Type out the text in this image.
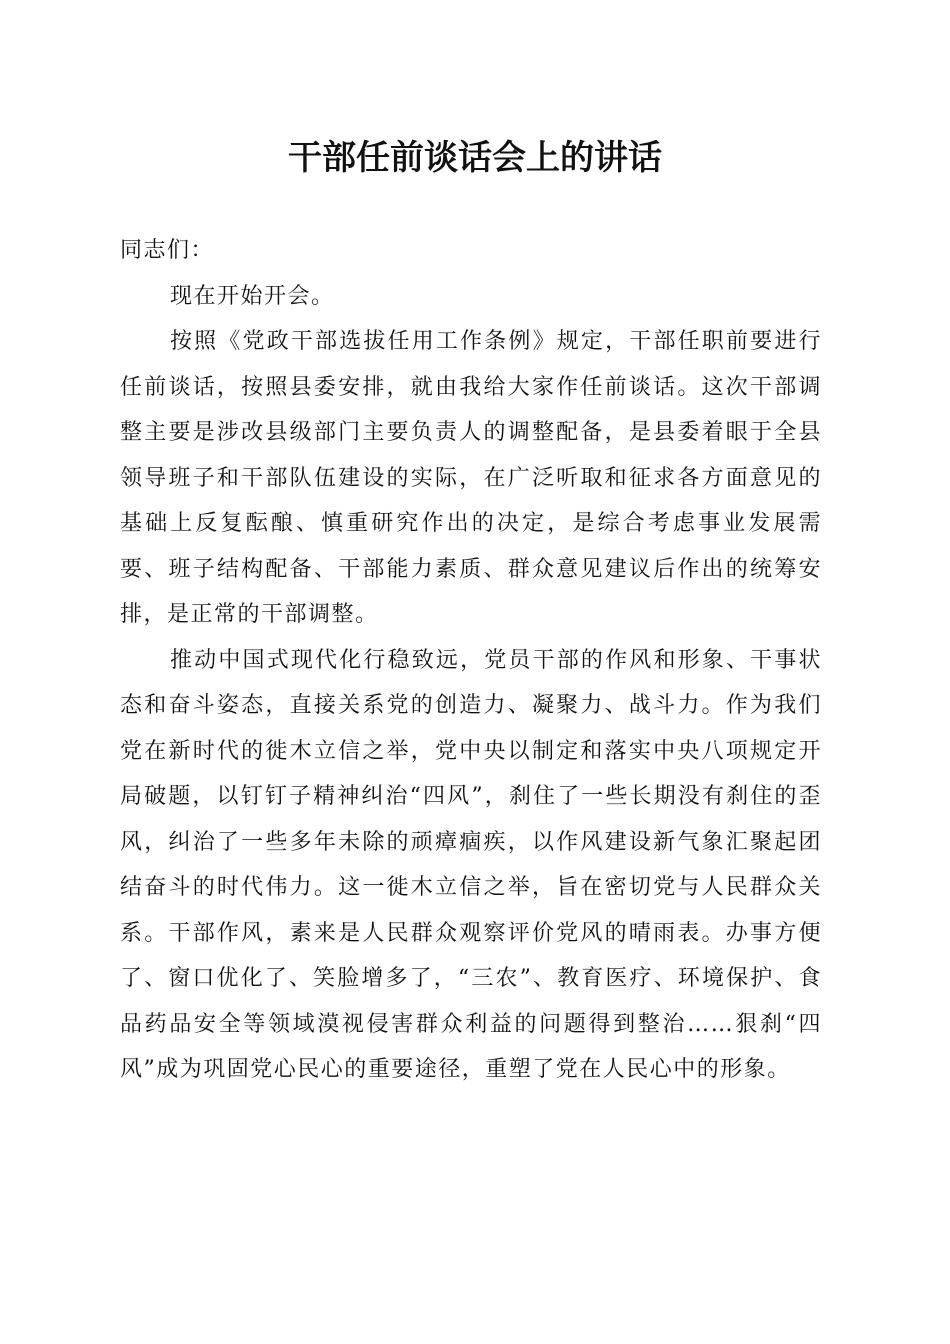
干部任前谈话会上的讲话

同志们：

现在开始开会。

按照《党政干部选拔任用工作条例》规定，干部任职前要进行任前谈话，按照县委安排，就由我给大家作任前谈话。这次干部调整主要是涉改县级部门主要负责人的调整配备，是县委着眼于全县领导班子和干部队伍建设的实际，在广泛听取和征求各方面意见的基础上反复酝酿、慎重研究作出的决定，是综合考虑事业发展需要、班子结构配备、干部能力素质、群众意见建议后作出的统筹安排，是正常的干部调整。

推动中国式现代化行稳致远，党员干部的作风和形象、干事状态和奋斗姿态，直接关系党的创造力、凝聚力、战斗力。作为我们党在新时代的徙木立信之举，党中央以制定和落实中央八项规定开局破题，以钉钉子精神纠治“四风”，刹住了一些长期没有刹住的歪风，纠治了一些多年未除的顽瘴痼疾，以作风建设新气象汇聚起团结奋斗的时代伟力。这一徙木立信之举，旨在密切党与人民群众关系。干部作风，素来是人民群众观察评价党风的晴雨表。办事方便了、窗口优化了、笑脸增多了，“三农”、教育医疗、环境保护、食品药品安全等领域漠视侵害群众利益的问题得到整治……狠刹“四风”成为巩固党心民心的重要途径，重塑了党在人民心中的形象。
